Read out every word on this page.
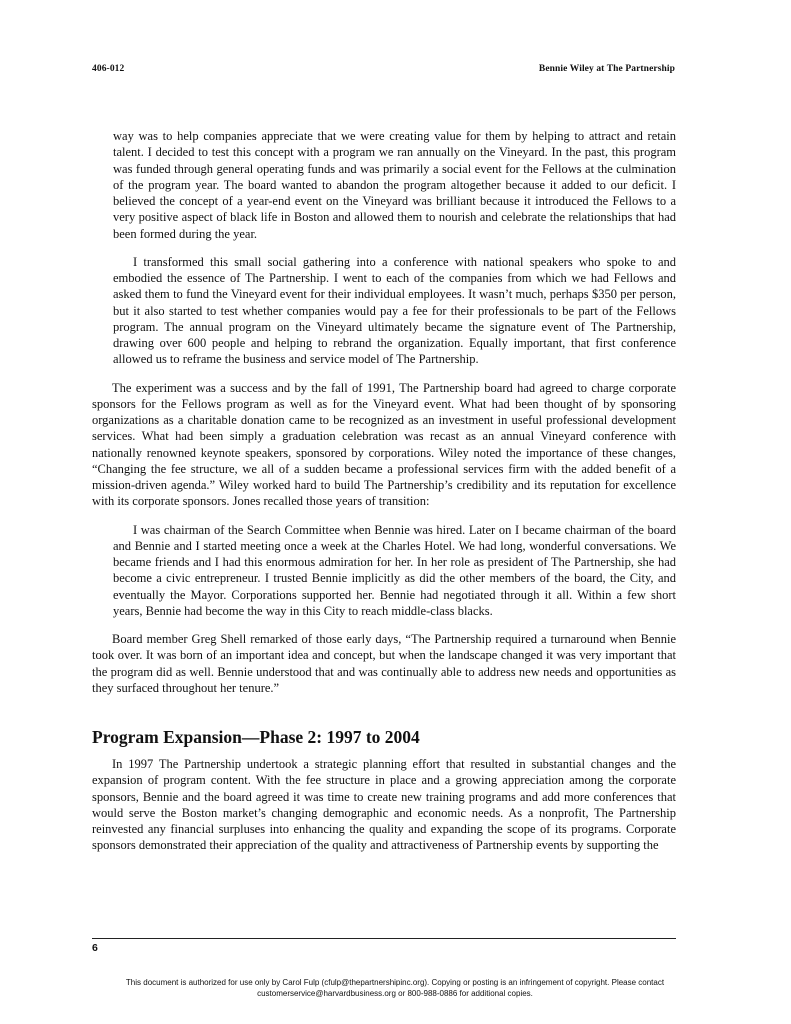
406-012	Bennie Wiley at The Partnership

way was to help companies appreciate that we were creating value for them by helping to attract and retain talent. I decided to test this concept with a program we ran annually on the Vineyard. In the past, this program was funded through general operating funds and was primarily a social event for the Fellows at the culmination of the program year. The board wanted to abandon the program altogether because it added to our deficit. I believed the concept of a year-end event on the Vineyard was brilliant because it introduced the Fellows to a very positive aspect of black life in Boston and allowed them to nourish and celebrate the relationships that had been formed during the year.

I transformed this small social gathering into a conference with national speakers who spoke to and embodied the essence of The Partnership. I went to each of the companies from which we had Fellows and asked them to fund the Vineyard event for their individual employees. It wasn’t much, perhaps $350 per person, but it also started to test whether companies would pay a fee for their professionals to be part of the Fellows program. The annual program on the Vineyard ultimately became the signature event of The Partnership, drawing over 600 people and helping to rebrand the organization. Equally important, that first conference allowed us to reframe the business and service model of The Partnership.

The experiment was a success and by the fall of 1991, The Partnership board had agreed to charge corporate sponsors for the Fellows program as well as for the Vineyard event. What had been thought of by sponsoring organizations as a charitable donation came to be recognized as an investment in useful professional development services. What had been simply a graduation celebration was recast as an annual Vineyard conference with nationally renowned keynote speakers, sponsored by corporations. Wiley noted the importance of these changes, “Changing the fee structure, we all of a sudden became a professional services firm with the added benefit of a mission-driven agenda.” Wiley worked hard to build The Partnership’s credibility and its reputation for excellence with its corporate sponsors. Jones recalled those years of transition:

I was chairman of the Search Committee when Bennie was hired. Later on I became chairman of the board and Bennie and I started meeting once a week at the Charles Hotel. We had long, wonderful conversations. We became friends and I had this enormous admiration for her. In her role as president of The Partnership, she had become a civic entrepreneur. I trusted Bennie implicitly as did the other members of the board, the City, and eventually the Mayor. Corporations supported her. Bennie had negotiated through it all. Within a few short years, Bennie had become the way in this City to reach middle-class blacks.

Board member Greg Shell remarked of those early days, “The Partnership required a turnaround when Bennie took over. It was born of an important idea and concept, but when the landscape changed it was very important that the program did as well. Bennie understood that and was continually able to address new needs and opportunities as they surfaced throughout her tenure.”

Program Expansion—Phase 2: 1997 to 2004

In 1997 The Partnership undertook a strategic planning effort that resulted in substantial changes and the expansion of program content. With the fee structure in place and a growing appreciation among the corporate sponsors, Bennie and the board agreed it was time to create new training programs and add more conferences that would serve the Boston market’s changing demographic and economic needs. As a nonprofit, The Partnership reinvested any financial surpluses into enhancing the quality and expanding the scope of its programs. Corporate sponsors demonstrated their appreciation of the quality and attractiveness of Partnership events by supporting the

6
This document is authorized for use only by Carol Fulp (cfulp@thepartnershipinc.org). Copying or posting is an infringement of copyright. Please contact
customerservice@harvardbusiness.org or 800-988-0886 for additional copies.
